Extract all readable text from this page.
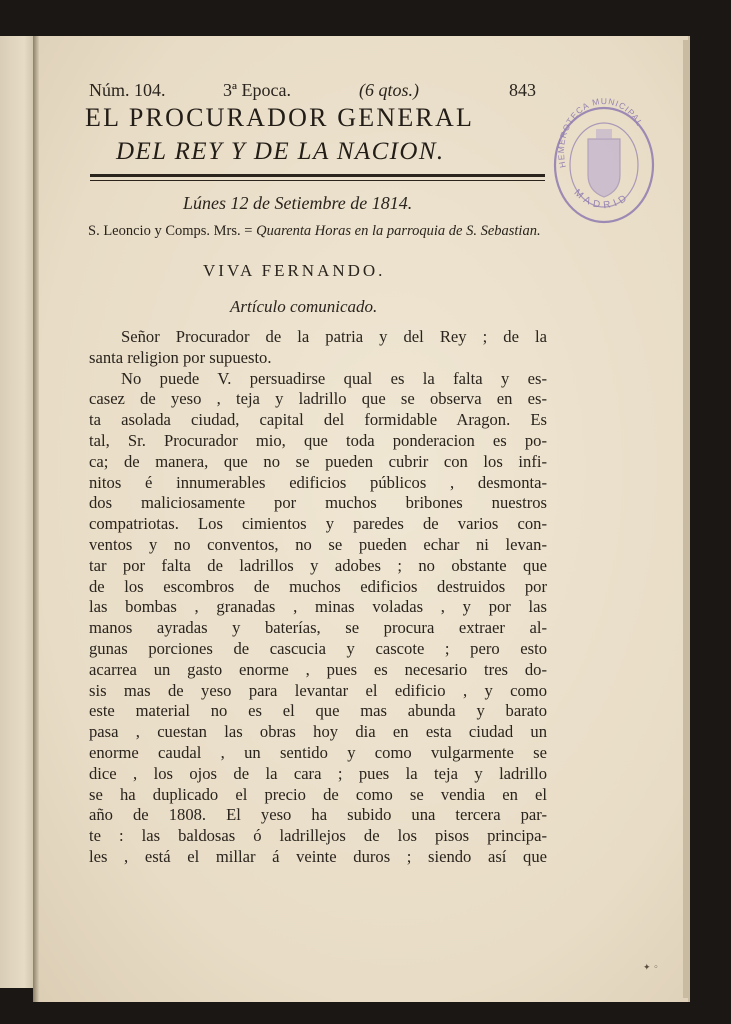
Núm. 104.	3ª Epoca.	(6 qtos.)	843
EL PROCURADOR GENERAL
DEL REY Y DE LA NACION.
Lúnes 12 de Setiembre de 1814.
S. Leoncio y Comps. Mrs. = Quarenta Horas en la parroquia de S. Sebastian.
VIVA FERNANDO.
Artículo comunicado.
Señor Procurador de la patria y del Rey ; de la
santa religion por supuesto.
No puede V. persuadirse qual es la falta y es-
casez de yeso , teja y ladrillo que se observa en es-
ta asolada ciudad, capital del formidable Aragon. Es
tal, Sr. Procurador mio, que toda ponderacion es po-
ca; de manera, que no se pueden cubrir con los infi-
nitos é innumerables edificios públicos , desmonta-
dos maliciosamente por muchos bribones nuestros
compatriotas. Los cimientos y paredes de varios con-
ventos y no conventos, no se pueden echar ni levan-
tar por falta de ladrillos y adobes ; no obstante que
de los escombros de muchos edificios destruidos por
las bombas , granadas , minas voladas , y por las
manos ayradas y baterías, se procura extraer al-
gunas porciones de cascucia y cascote ; pero esto
acarrea un gasto enorme , pues es necesario tres do-
sis mas de yeso para levantar el edificio , y como
este material no es el que mas abunda y barato
pasa , cuestan las obras hoy dia en esta ciudad un
enorme caudal , un sentido y como vulgarmente se
dice , los ojos de la cara ; pues la teja y ladrillo
se ha duplicado el precio de como se vendia en el
año de 1808. El yeso ha subido una tercera par-
te : las baldosas ó ladrillejos de los pisos principa-
les , está el millar á veinte duros ; siendo así que
HEMEROTECA MUNICIPAL
MADRID
✦ ◦
